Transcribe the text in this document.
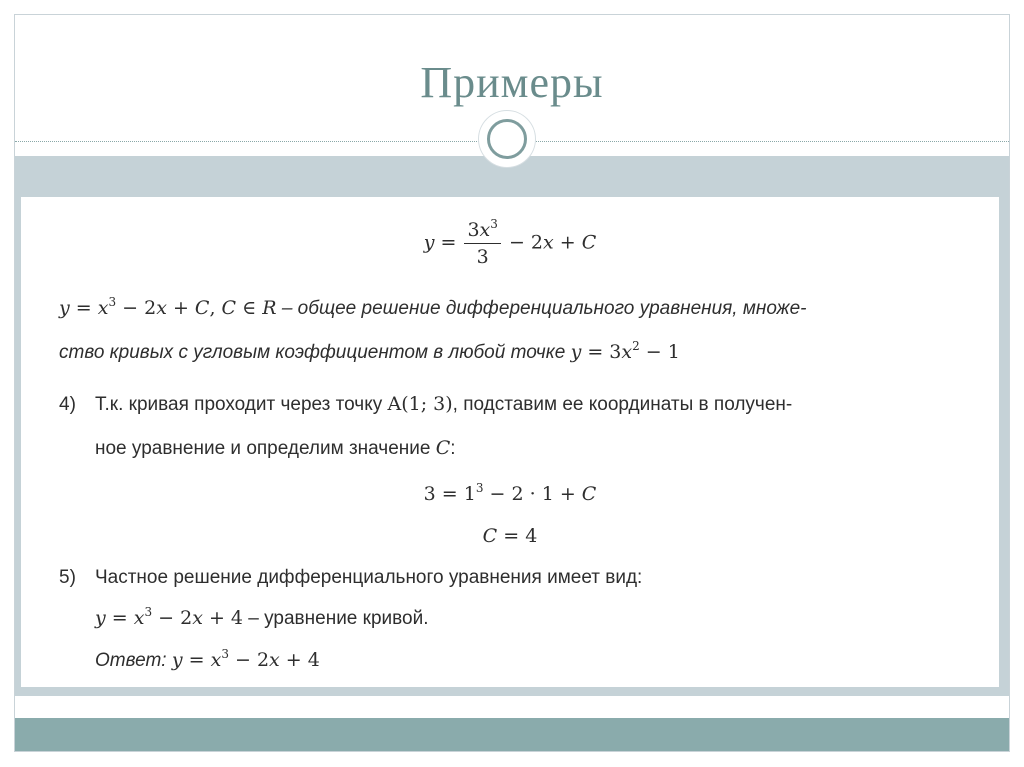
Примеры
$y = \frac{3x^3}{3} - 2x + C$
$y = x^3 - 2x + C$, C ∈ R – общее решение дифференциального уравнения, множе-
ство кривых с угловым коэффициентом в любой точке $y = 3x^2 - 1$
4) Т.к. кривая проходит через точку A(1; 3), подставим ее координаты в получен-
ное уравнение и определим значение C:
$3 = 1^3 - 2 \cdot 1 + C$
C = 4
5) Частное решение дифференциального уравнения имеет вид:
$y = x^3 - 2x + 4$ – уравнение кривой.
Ответ: $y = x^3 - 2x + 4$
